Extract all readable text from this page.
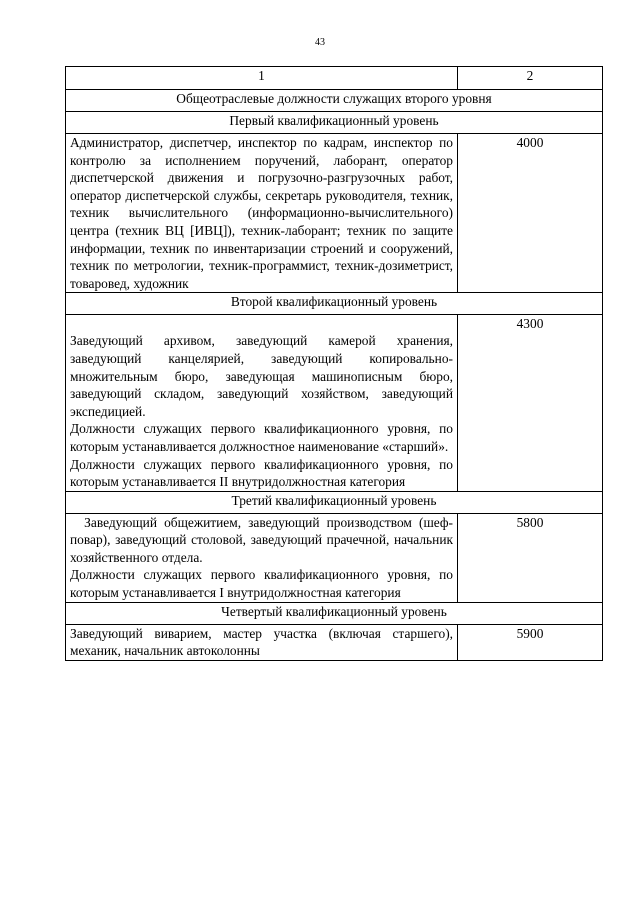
43
1	2
Общеотраслевые должности служащих второго уровня	
Первый квалификационный уровень	

Администратор, диспетчер, инспектор по кадрам, инспектор по контролю за исполнением поручений, лаборант, оператор диспетчерской движения и погрузочно-разгрузочных работ, оператор диспетчерской службы, секретарь руководителя, техник, техник вычислительного (информационно-вычислительного) центра (техник ВЦ [ИВЦ]), техник-лаборант; техник по защите информации, техник по инвентаризации строений и сооружений, техник по метрологии, техник-программист, техник-дозиметрист, товаровед, художник	4000
Второй квалификационный уровень	

Заведующий архивом, заведующий камерой хранения, заведующий канцелярией, заведующий копировально-множительным бюро, заведующая машинописным бюро, заведующий складом, заведующий хозяйством, заведующий экспедицией.
Должности служащих первого квалификационного уровня, по которым устанавливается должностное наименование «старший».
Должности служащих первого квалификационного уровня, по которым устанавливается II внутридолжностная категория	4300
Третий квалификационный уровень	

Заведующий общежитием, заведующий производством (шеф-повар), заведующий столовой, заведующий прачечной, начальник хозяйственного отдела.
Должности служащих первого квалификационного уровня, по которым устанавливается I внутридолжностная категория	5800
Четвертый квалификационный уровень	

Заведующий виварием, мастер участка (включая старшего), механик, начальник автоколонны	5900
